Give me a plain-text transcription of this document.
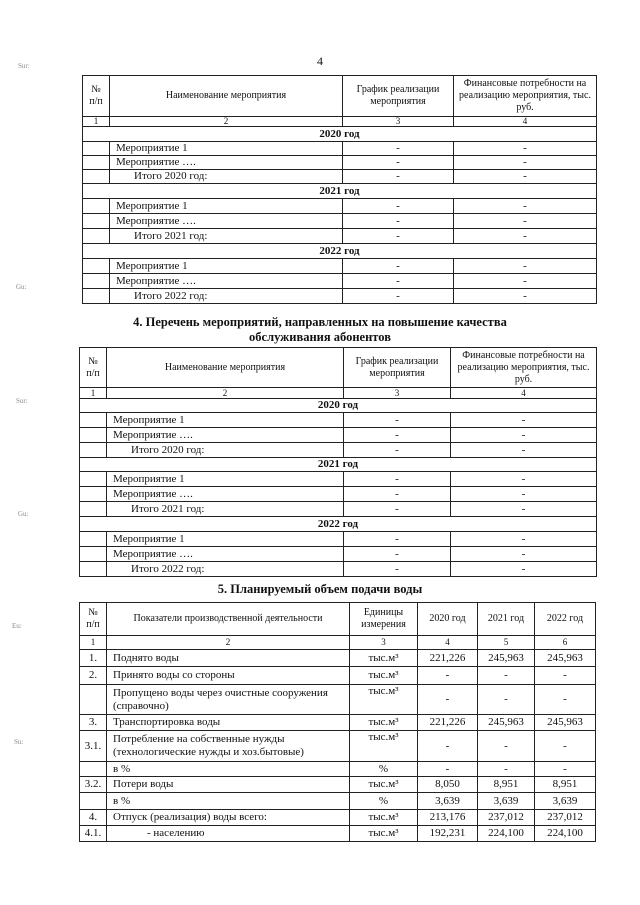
4
Sur:
Gu:
Sur:
Gu:
Eu:
Su:
№ п/п	Наименование мероприятия	График реализации мероприятия	Финансовые потребности на реализацию мероприятия, тыс. руб.
1	2	3	4
2020 год			
	Мероприятие 1	-	-
	Мероприятие ….	-	-
	Итого 2020 год:	-	-
2021 год			
	Мероприятие 1	-	-
	Мероприятие ….	-	-
	Итого 2021 год:	-	-
2022 год			
	Мероприятие 1	-	-
	Мероприятие ….	-	-
	Итого 2022 год:	-	-
4. Перечень мероприятий, направленных на повышение качества обслуживания абонентов
№ п/п	Наименование мероприятия	График реализации мероприятия	Финансовые потребности на реализацию мероприятия, тыс. руб.
1	2	3	4
2020 год			
	Мероприятие 1	-	-
	Мероприятие ….	-	-
	Итого 2020 год:	-	-
2021 год			
	Мероприятие 1	-	-
	Мероприятие ….	-	-
	Итого 2021 год:	-	-
2022 год			
	Мероприятие 1	-	-
	Мероприятие ….	-	-
	Итого 2022 год:	-	-
5. Планируемый объем подачи воды
№ п/п	Показатели производственной деятельности	Единицы измерения	2020 год	2021 год	2022 год
1	2	3	4	5	6
1.	Поднято воды	тыс.м³	221,226	245,963	245,963
2.	Принято воды со стороны	тыс.м³	-	-	-
	Пропущено воды через очистные сооружения (справочно)	тыс.м³	-	-	-
3.	Транспортировка воды	тыс.м³	221,226	245,963	245,963
3.1.	Потребление на собственные нужды (технологические нужды и хоз.бытовые)	тыс.м³	-	-	-
	в %	%	-	-	-
3.2.	Потери воды	тыс.м³	8,050	8,951	8,951
	в %	%	3,639	3,639	3,639
4.	Отпуск (реализация) воды всего:	тыс.м³	213,176	237,012	237,012
4.1.	- населению	тыс.м³	192,231	224,100	224,100
